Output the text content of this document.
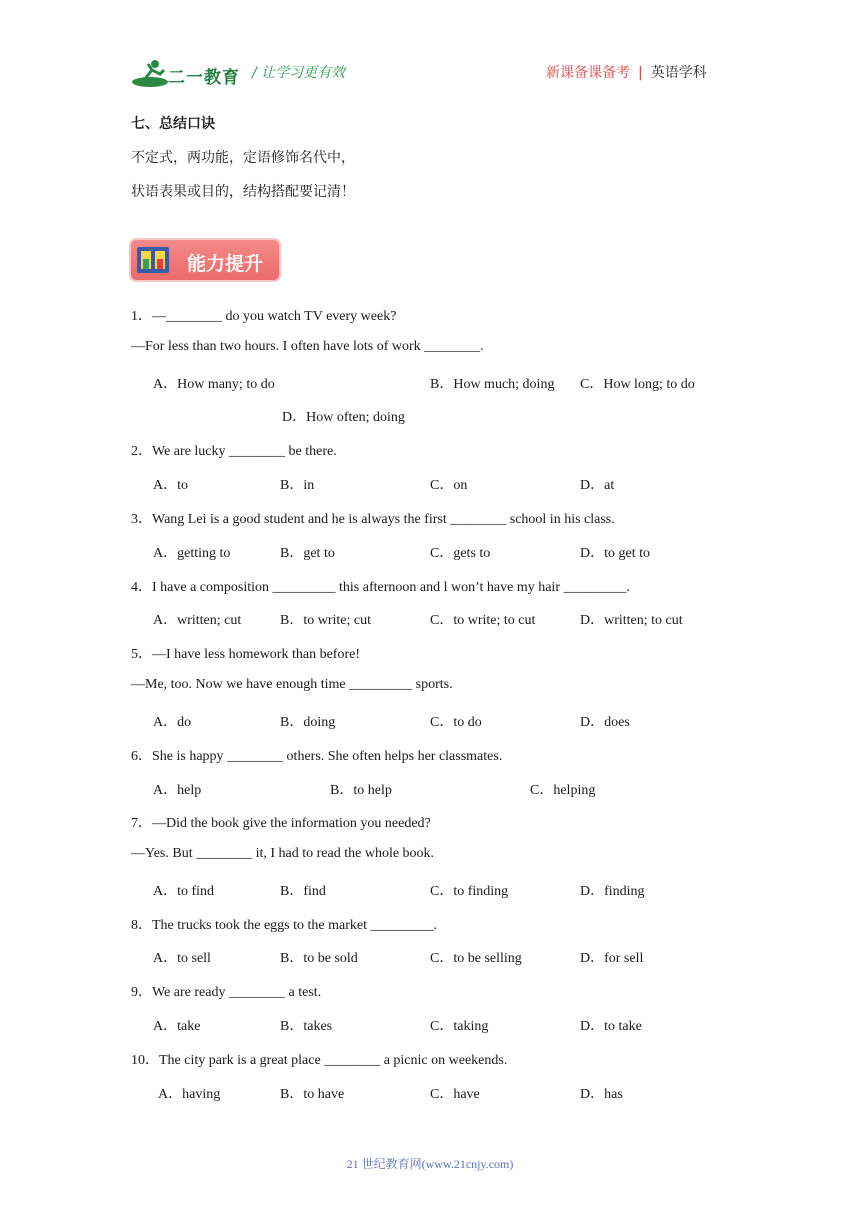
二一教育 / 让学习更有效	新课备课备考 | 英语学科
七、总结口诀
不定式，两功能，定语修饰名代中，
状语表果或目的，结构搭配要记清！
能力提升
1．—________ do you watch TV every week?
—For less than two hours. I often have lots of work ________.
A．How many; to do	B．How much; doing C．How long; to do
D．How often; doing
2．We are lucky ________ be there.
A．to	B．in	C．on	D．at
3．Wang Lei is a good student and he is always the first ________ school in his class.
A．getting to	B．get to	C．gets to	D．to get to
4．I have a composition _________ this afternoon and l won’t have my hair _________.
A．written; cut	B．to write; cut	C．to write; to cut	D．written; to cut
5．—I have less homework than before!
—Me, too. Now we have enough time _________ sports.
A．do	B．doing	C．to do	D．does
6．She is happy ________ others. She often helps her classmates.
A．help	B．to help	C．helping
7．—Did the book give the information you needed?
—Yes. But ________ it, I had to read the whole book.
A．to find	B．find	C．to finding	D．finding
8．The trucks took the eggs to the market _________.
A．to sell	B．to be sold	C．to be selling	D．for sell
9．We are ready ________ a test.
A．take	B．takes	C．taking	D．to take
10．The city park is a great place ________ a picnic on weekends.
A．having	B．to have	C．have	D．has
21 世纪教育网(www.21cnjy.com)
